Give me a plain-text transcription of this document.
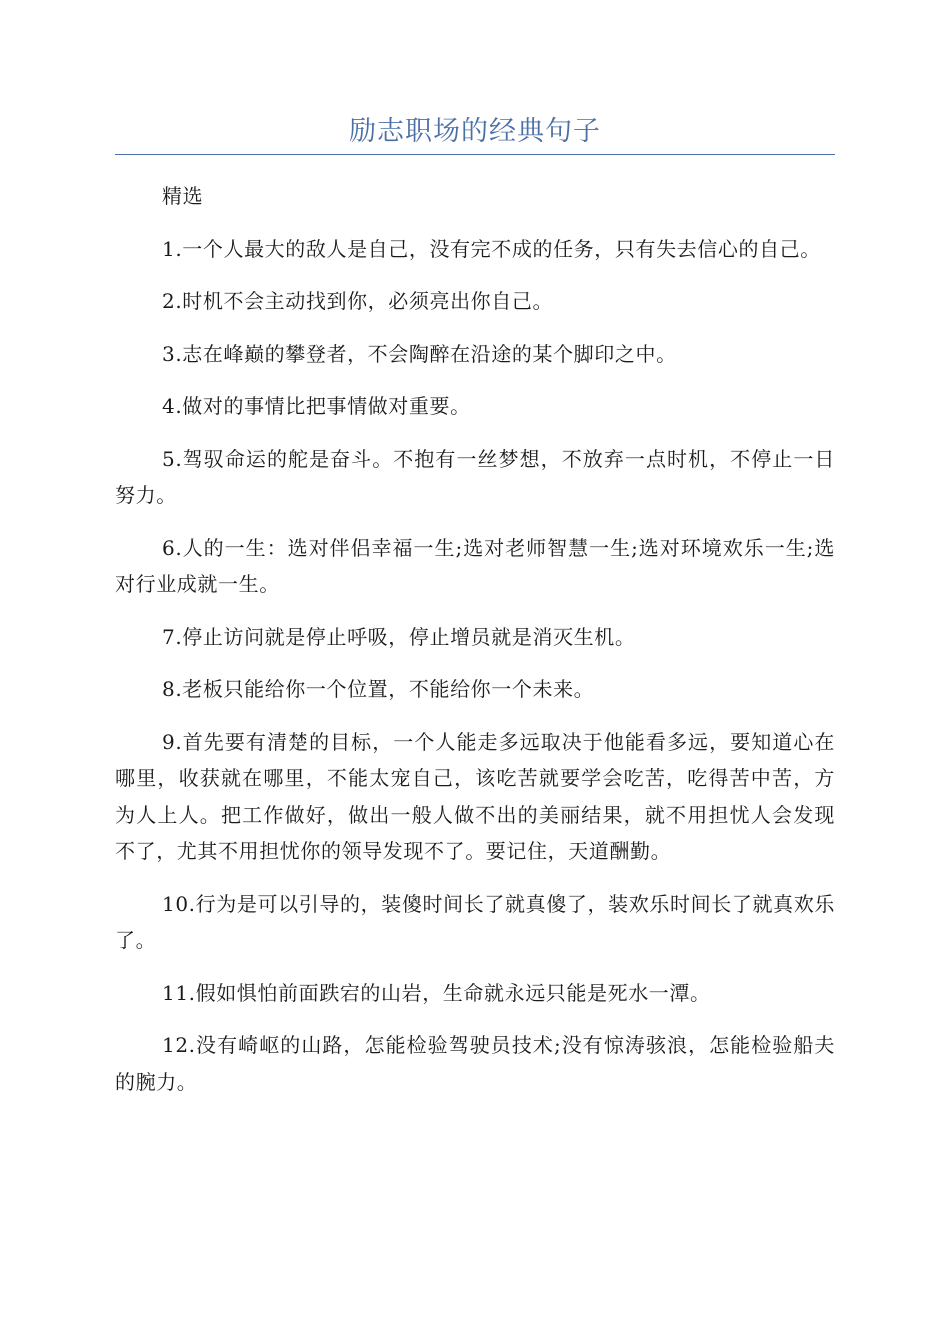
励志职场的经典句子

精选

1.一个人最大的敌人是自己，没有完不成的任务，只有失去信心的自己。

2.时机不会主动找到你，必须亮出你自己。

3.志在峰巅的攀登者，不会陶醉在沿途的某个脚印之中。

4.做对的事情比把事情做对重要。

5.驾驭命运的舵是奋斗。不抱有一丝梦想，不放弃一点时机，不停止一日努力。

6.人的一生：选对伴侣幸福一生;选对老师智慧一生;选对环境欢乐一生;选对行业成就一生。

7.停止访问就是停止呼吸，停止增员就是消灭生机。

8.老板只能给你一个位置，不能给你一个未来。

9.首先要有清楚的目标，一个人能走多远取决于他能看多远，要知道心在哪里，收获就在哪里，不能太宠自己，该吃苦就要学会吃苦，吃得苦中苦，方为人上人。把工作做好，做出一般人做不出的美丽结果，就不用担忧人会发现不了，尤其不用担忧你的领导发现不了。要记住，天道酬勤。

10.行为是可以引导的，装傻时间长了就真傻了，装欢乐时间长了就真欢乐了。

11.假如惧怕前面跌宕的山岩，生命就永远只能是死水一潭。

12.没有崎岖的山路，怎能检验驾驶员技术;没有惊涛骇浪，怎能检验船夫的腕力。
